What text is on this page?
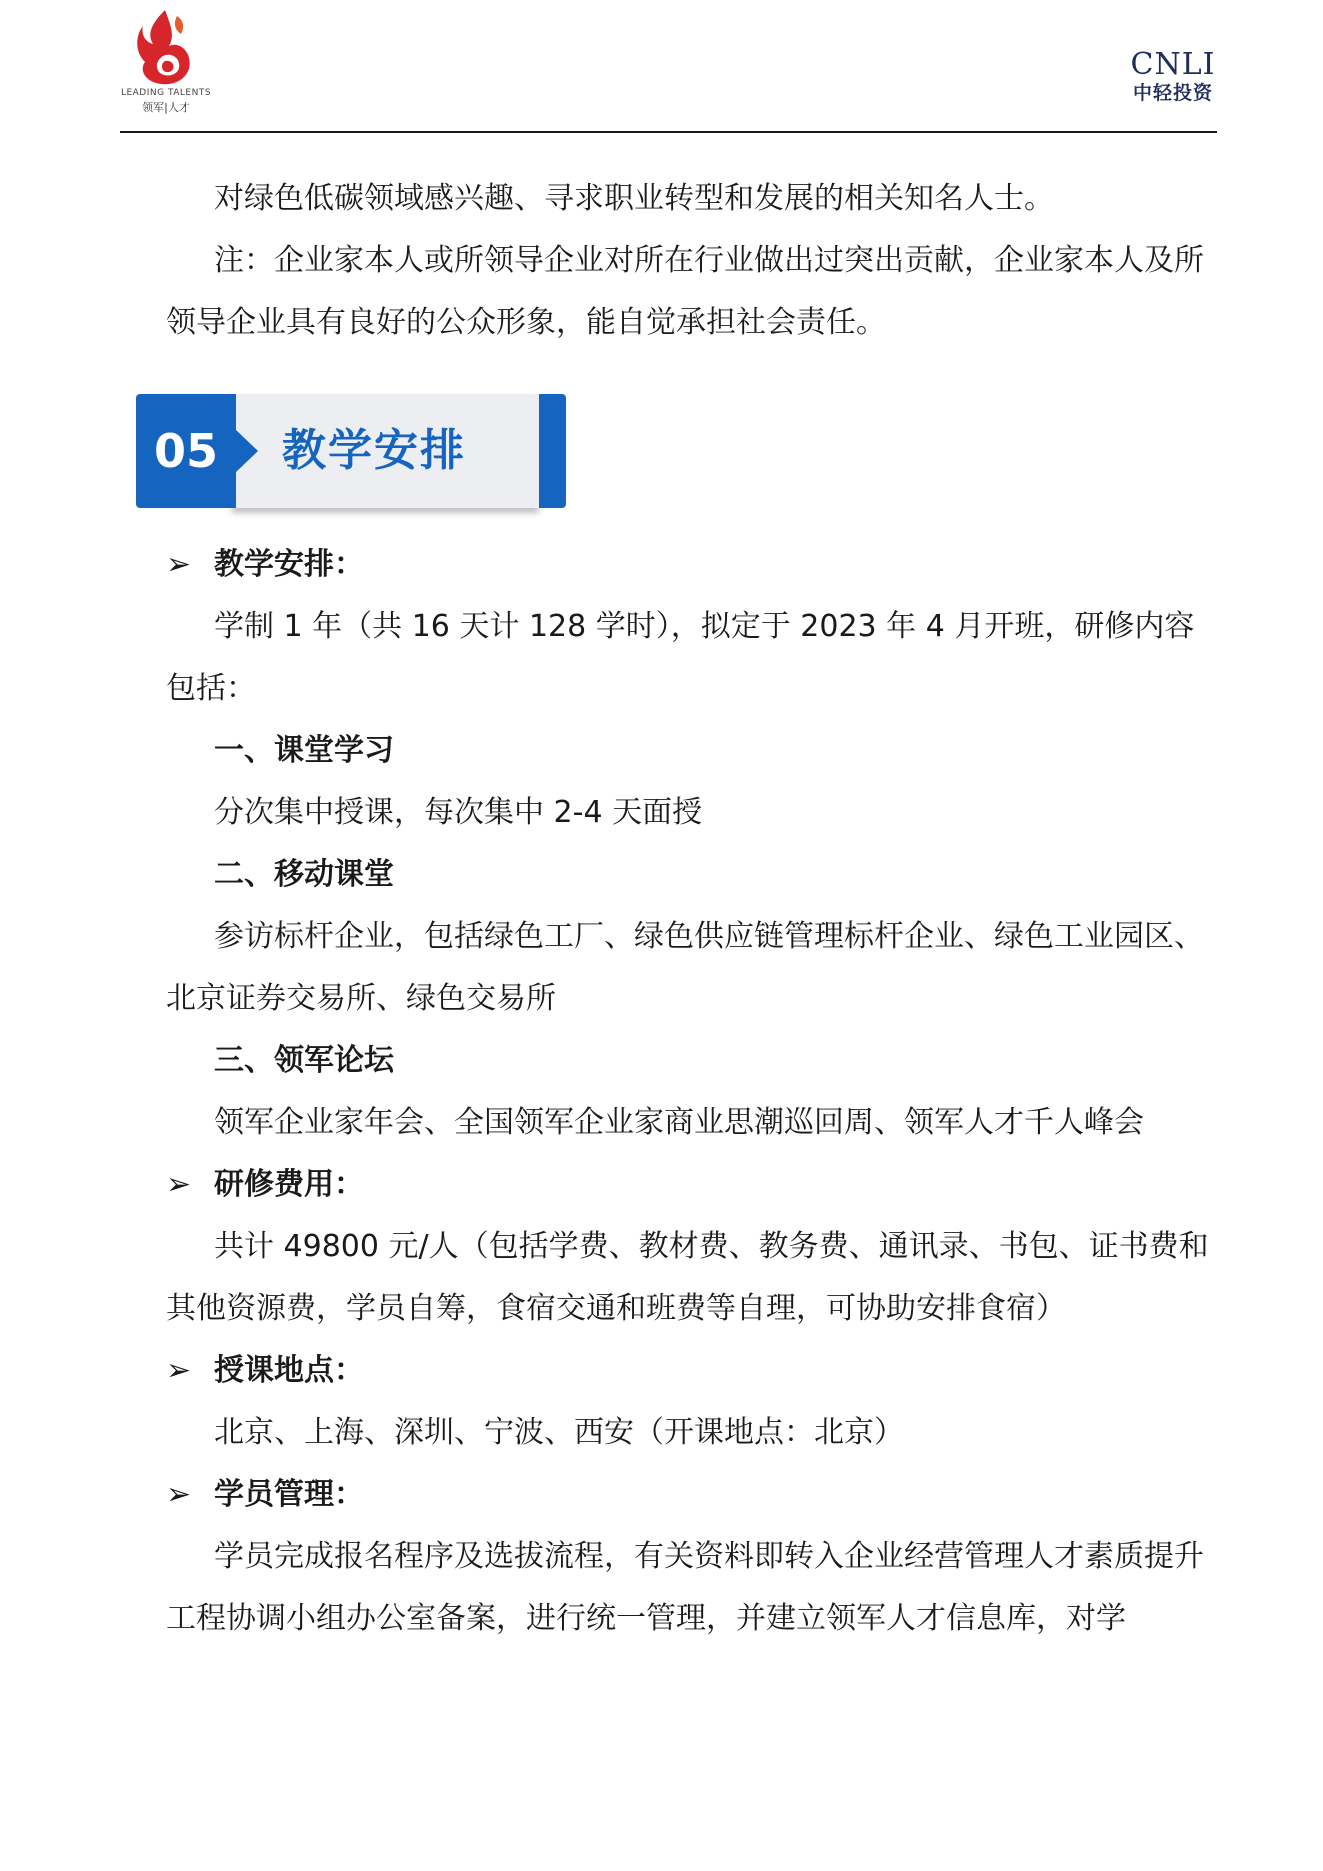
LEADING TALENTS
领军|人才
CNLI
中轻投资

对绿色低碳领域感兴趣、寻求职业转型和发展的相关知名人士。

注：企业家本人或所领导企业对所在行业做出过突出贡献，企业家本人及所领导企业具有良好的公众形象，能自觉承担社会责任。

05	教学安排

➢ 教学安排：

学制 1 年（共 16 天计 128 学时），拟定于 2023 年 4 月开班，研修内容包括：

一、课堂学习

分次集中授课，每次集中 2-4 天面授

二、移动课堂

参访标杆企业，包括绿色工厂、绿色供应链管理标杆企业、绿色工业园区、北京证券交易所、绿色交易所

三、领军论坛

领军企业家年会、全国领军企业家商业思潮巡回周、领军人才千人峰会

➢ 研修费用：

共计 49800 元/人（包括学费、教材费、教务费、通讯录、书包、证书费和其他资源费，学员自筹，食宿交通和班费等自理，可协助安排食宿）

➢ 授课地点：

北京、上海、深圳、宁波、西安（开课地点：北京）

➢ 学员管理：

学员完成报名程序及选拔流程，有关资料即转入企业经营管理人才素质提升工程协调小组办公室备案，进行统一管理，并建立领军人才信息库，对学
